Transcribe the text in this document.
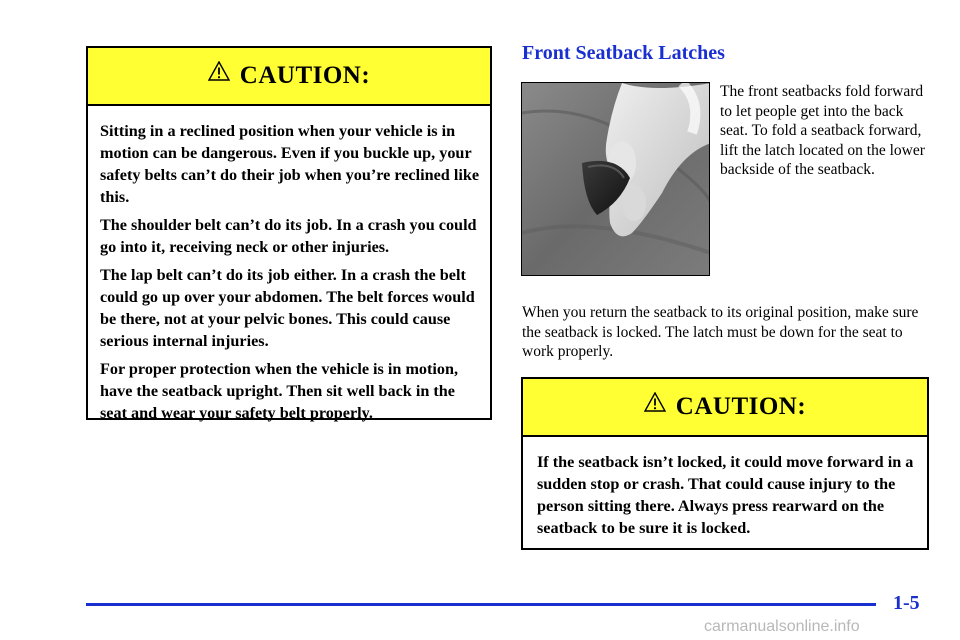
CAUTION:

Sitting in a reclined position when your vehicle is in motion can be dangerous. Even if you buckle up, your safety belts can’t do their job when you’re reclined like this.

The shoulder belt can’t do its job. In a crash you could go into it, receiving neck or other injuries.

The lap belt can’t do its job either. In a crash the belt could go up over your abdomen. The belt forces would be there, not at your pelvic bones. This could cause serious internal injuries.

For proper protection when the vehicle is in motion, have the seatback upright. Then sit well back in the seat and wear your safety belt properly.

Front Seatback Latches

The front seatbacks fold forward to let people get into the back seat. To fold a seatback forward, lift the latch located on the lower backside of the seatback.

When you return the seatback to its original position, make sure the seatback is locked. The latch must be down for the seat to work properly.

CAUTION:

If the seatback isn’t locked, it could move forward in a sudden stop or crash. That could cause injury to the person sitting there. Always press rearward on the seatback to be sure it is locked.

1-5
carmanualsonline.info
